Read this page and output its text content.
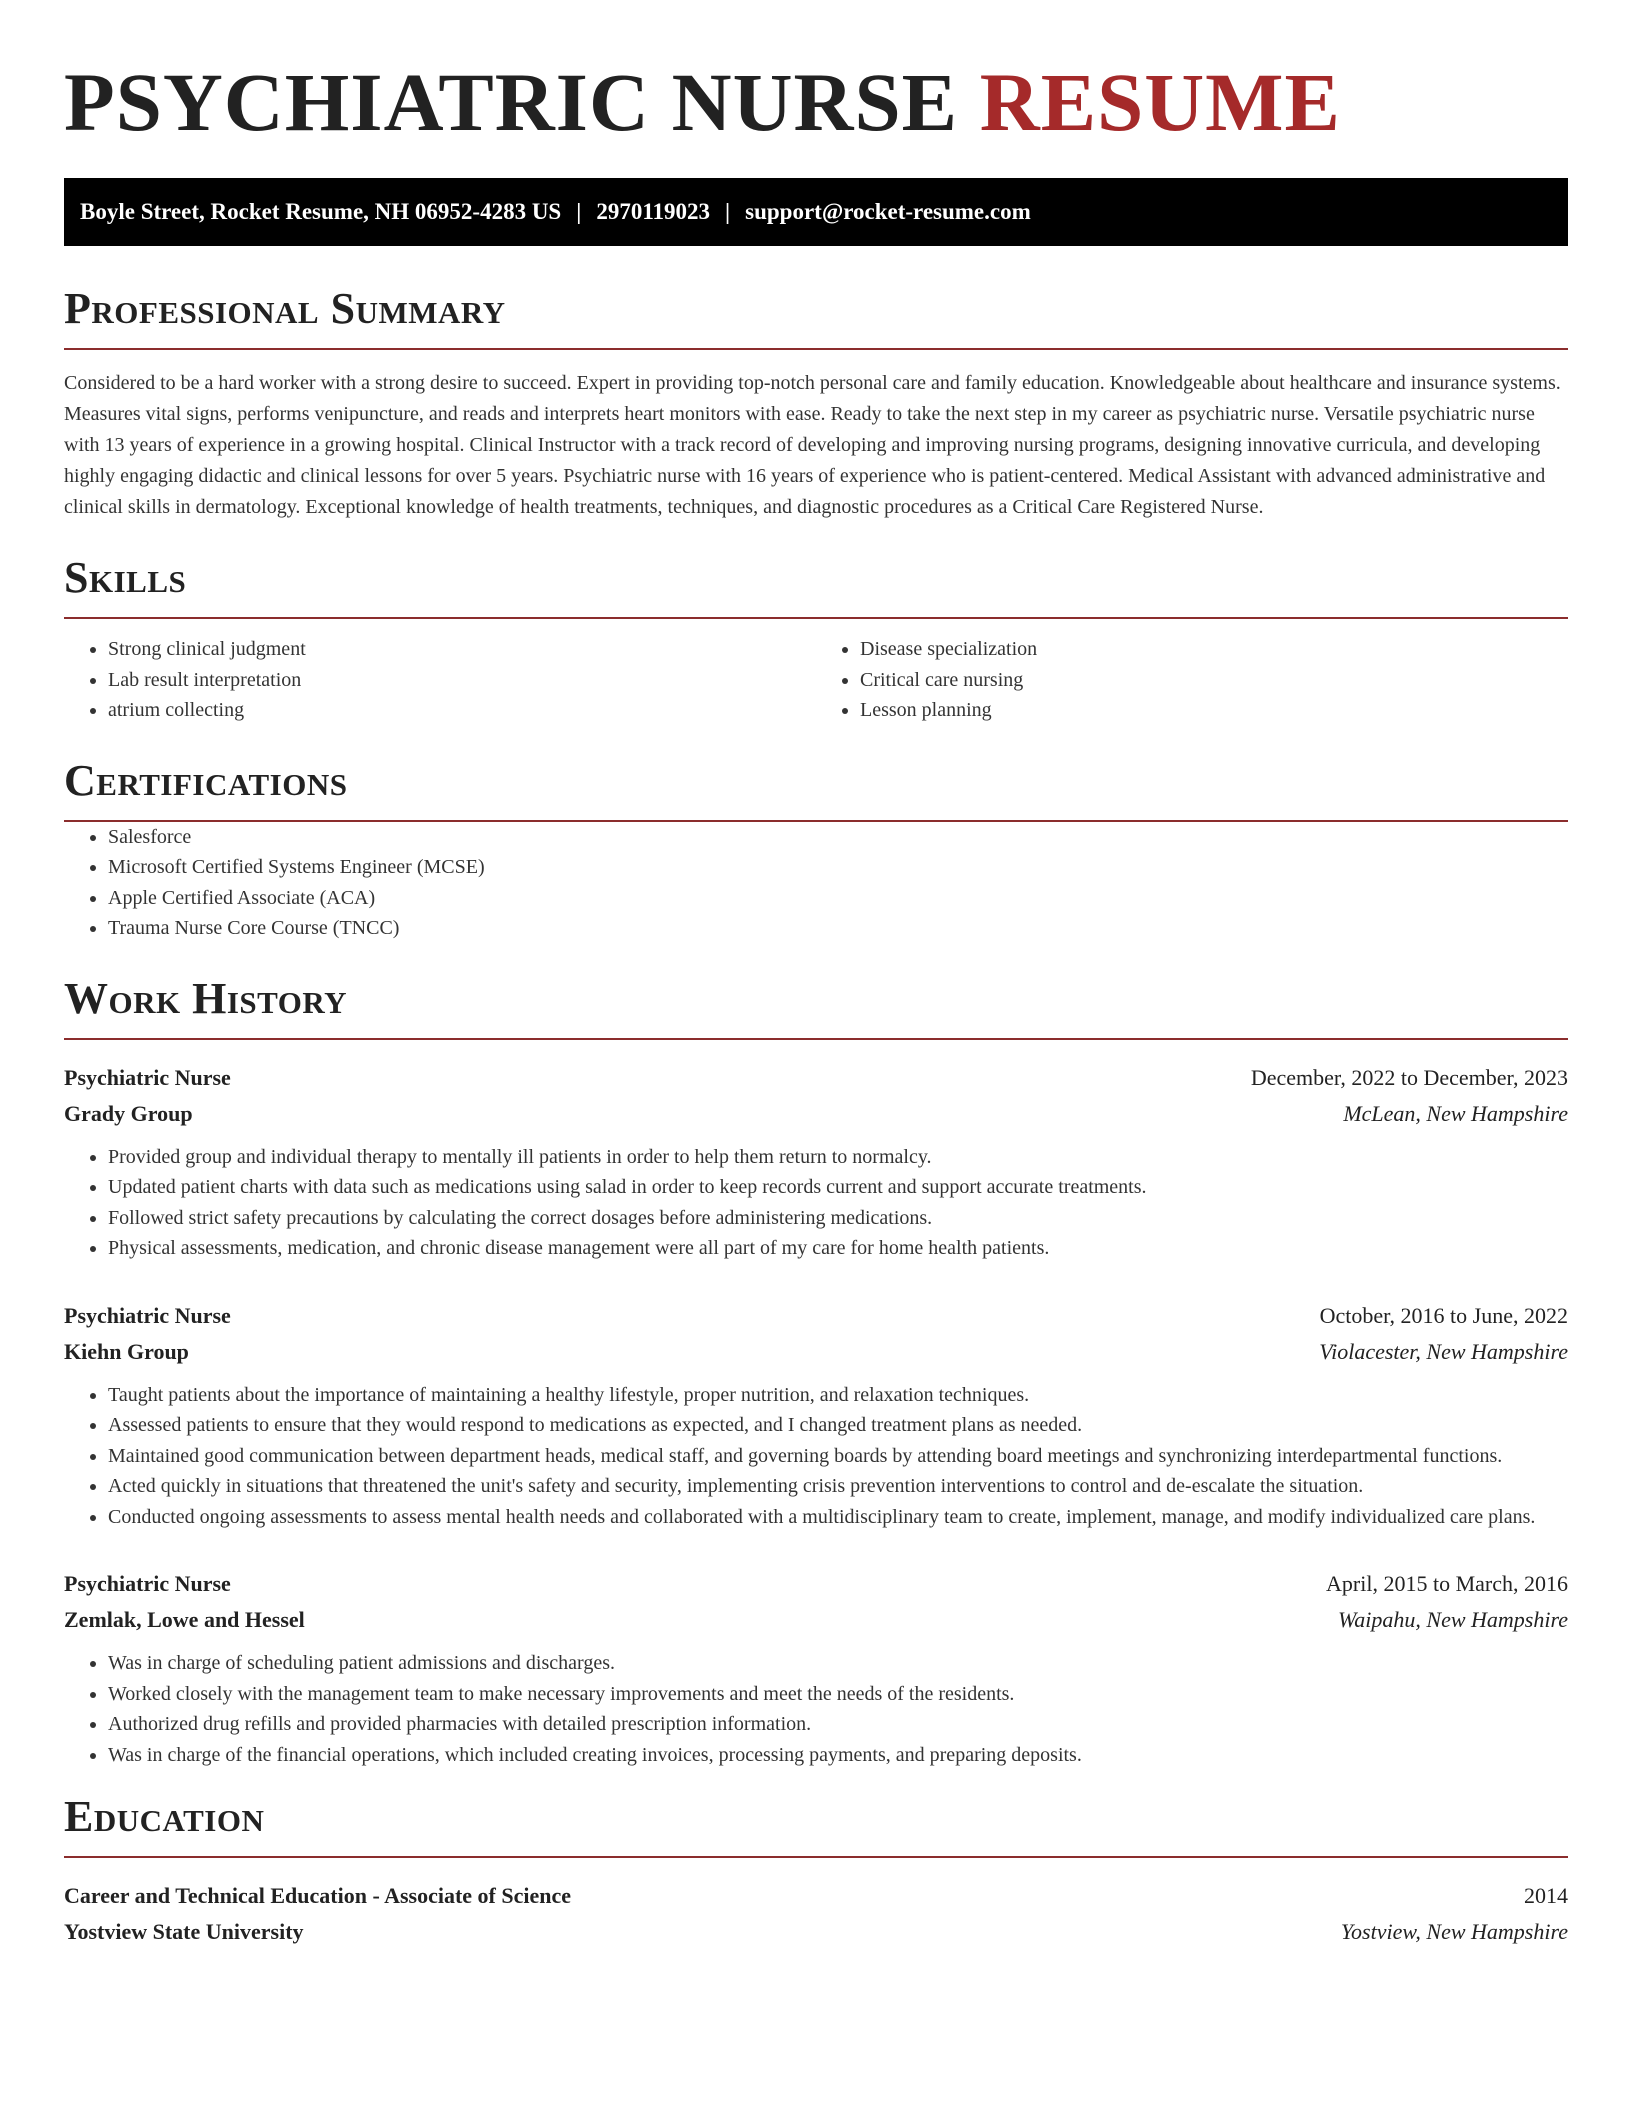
PSYCHIATRIC NURSE RESUME
Boyle Street, Rocket Resume, NH 06952-4283 US | 2970119023 | support@rocket-resume.com
Professional Summary

Considered to be a hard worker with a strong desire to succeed. Expert in providing top-notch personal care and family education. Knowledgeable about healthcare and insurance systems. Measures vital signs, performs venipuncture, and reads and interprets heart monitors with ease. Ready to take the next step in my career as psychiatric nurse. Versatile psychiatric nurse with 13 years of experience in a growing hospital. Clinical Instructor with a track record of developing and improving nursing programs, designing innovative curricula, and developing highly engaging didactic and clinical lessons for over 5 years. Psychiatric nurse with 16 years of experience who is patient-centered. Medical Assistant with advanced administrative and clinical skills in dermatology. Exceptional knowledge of health treatments, techniques, and diagnostic procedures as a Critical Care Registered Nurse.

Skills
• Strong clinical judgment
• Lab result interpretation
• atrium collecting
• Disease specialization
• Critical care nursing
• Lesson planning
Certifications
• Salesforce
• Microsoft Certified Systems Engineer (MCSE)
• Apple Certified Associate (ACA)
• Trauma Nurse Core Course (TNCC)
Work History
Psychiatric Nurse	December, 2022 to December, 2023
Grady Group	McLean, New Hampshire
• Provided group and individual therapy to mentally ill patients in order to help them return to normalcy.
• Updated patient charts with data such as medications using salad in order to keep records current and support accurate treatments.
• Followed strict safety precautions by calculating the correct dosages before administering medications.
• Physical assessments, medication, and chronic disease management were all part of my care for home health patients.
Psychiatric Nurse	October, 2016 to June, 2022
Kiehn Group	Violacester, New Hampshire
• Taught patients about the importance of maintaining a healthy lifestyle, proper nutrition, and relaxation techniques.
• Assessed patients to ensure that they would respond to medications as expected, and I changed treatment plans as needed.
• Maintained good communication between department heads, medical staff, and governing boards by attending board meetings and synchronizing interdepartmental functions.
• Acted quickly in situations that threatened the unit's safety and security, implementing crisis prevention interventions to control and de-escalate the situation.
• Conducted ongoing assessments to assess mental health needs and collaborated with a multidisciplinary team to create, implement, manage, and modify individualized care plans.
Psychiatric Nurse	April, 2015 to March, 2016
Zemlak, Lowe and Hessel	Waipahu, New Hampshire
• Was in charge of scheduling patient admissions and discharges.
• Worked closely with the management team to make necessary improvements and meet the needs of the residents.
• Authorized drug refills and provided pharmacies with detailed prescription information.
• Was in charge of the financial operations, which included creating invoices, processing payments, and preparing deposits.
Education
Career and Technical Education - Associate of Science	2014
Yostview State University	Yostview, New Hampshire
